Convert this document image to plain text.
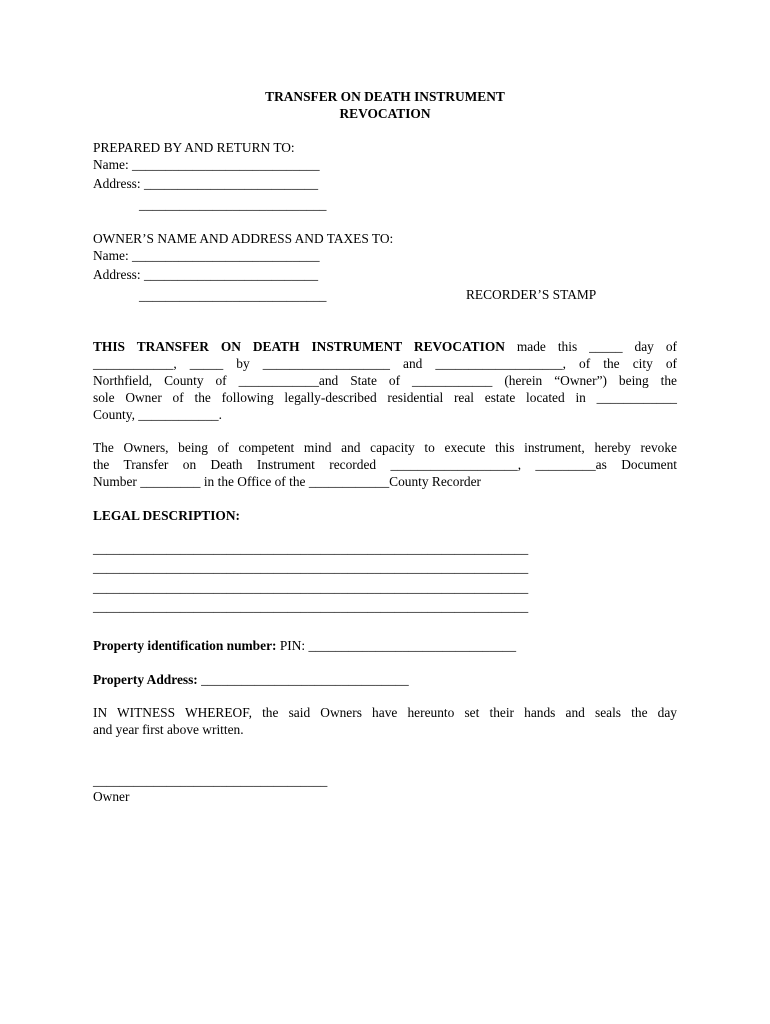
TRANSFER ON DEATH INSTRUMENT
REVOCATION
PREPARED BY AND RETURN TO:
Name: ____________________________
Address: __________________________
____________________________
OWNER’S NAME AND ADDRESS AND TAXES TO:
Name: ____________________________
Address: __________________________
____________________________	RECORDER’S STAMP
THIS TRANSFER ON DEATH INSTRUMENT REVOCATION made this _____ day of
____________, _____ by ___________________ and ___________________, of the city of
Northfield, County of ____________and State of ____________ (herein “Owner”) being the
sole Owner of the following legally-described residential real estate located in ____________
County, ____________.
The Owners, being of competent mind and capacity to execute this instrument, hereby revoke
the Transfer on Death Instrument recorded ___________________, _________as Document
Number _________ in the Office of the ____________County Recorder
LEGAL DESCRIPTION:
_________________________________________________________________
_________________________________________________________________
_________________________________________________________________
_________________________________________________________________
Property identification number: PIN: _______________________________
Property Address: _______________________________
IN WITNESS WHEREOF, the said Owners have hereunto set their hands and seals the day
and year first above written.
___________________________________
Owner
